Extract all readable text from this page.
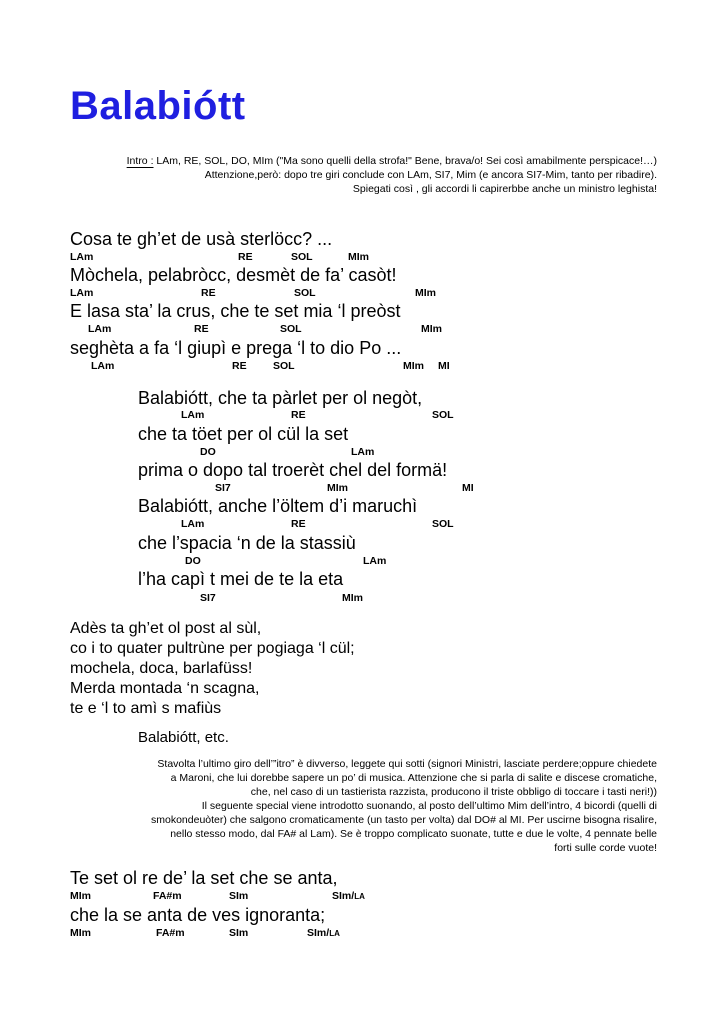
Balabiótt
Intro : LAm, RE, SOL, DO, MIm ("Ma sono quelli della strofa!" Bene, brava/o! Sei così amabilmente perspicace!…)
Attenzione,però: dopo tre giri conclude con LAm, SI7, Mim (e ancora SI7-Mim, tanto per ribadire).
Spiegati così , gli accordi li capirerbbe anche un ministro leghista!
Cosa te gh’et de usà sterlöcc? ...
LAm	RE	SOL	MIm
Mòchela, pelabròcc, desmèt de fa’ casòt!
LAm	RE	SOL	MIm
E lasa sta’ la crus, che te set mia ‘l preòst
LAm	RE	SOL	MIm
seghèta a fa ‘l giupì e prega ‘l to dio Po ...
LAm	RE	SOL	MIm MI
Balabiótt, che ta pàrlet per ol negòt,
LAm	RE	SOL
che ta töet per ol cül la set
DO	LAm
prima o dopo tal troerèt chel del formä!
SI7	MIm	MI
Balabiótt, anche l’öltem d’i maruchì
LAm	RE	SOL
che l’spacia ‘n de la stassiù
DO	LAm
l’ha capì t mei de te la eta
SI7	MIm
Adès ta gh’et ol post al sùl,
co i to quater pultrùne per pogiaga ‘l cül;
mochela, doca, barlafüss!
Merda montada ‘n scagna,
te e ‘l to amì s mafiùs
Balabiótt, etc.
Stavolta l’ultimo giro dell’”itro” è divverso, leggete qui sotti (signori Ministri, lasciate perdere;oppure chiedete
a Maroni, che lui dorebbe sapere un po’ di musica. Attenzione che si parla di salite e discese cromatiche,
che, nel caso di un tastierista razzista, producono il triste obbligo di toccare i tasti neri!))
Il seguente special viene introdotto suonando, al posto dell’ultimo Mim dell’intro, 4 bicordi (quelli di
smokondeuòter) che salgono cromaticamente (un tasto per volta) dal DO# al MI. Per uscirne bisogna risalire,
nello stesso modo, dal FA# al Lam). Se è troppo complicato suonate, tutte e due le volte, 4 pennate belle
forti sulle corde vuote!
Te set ol re de’ la set che se anta,
MIm	FA#m	SIm	SIm/LA
che la se anta de ves ignoranta;
MIm	FA#m	SIm	SIm/LA
